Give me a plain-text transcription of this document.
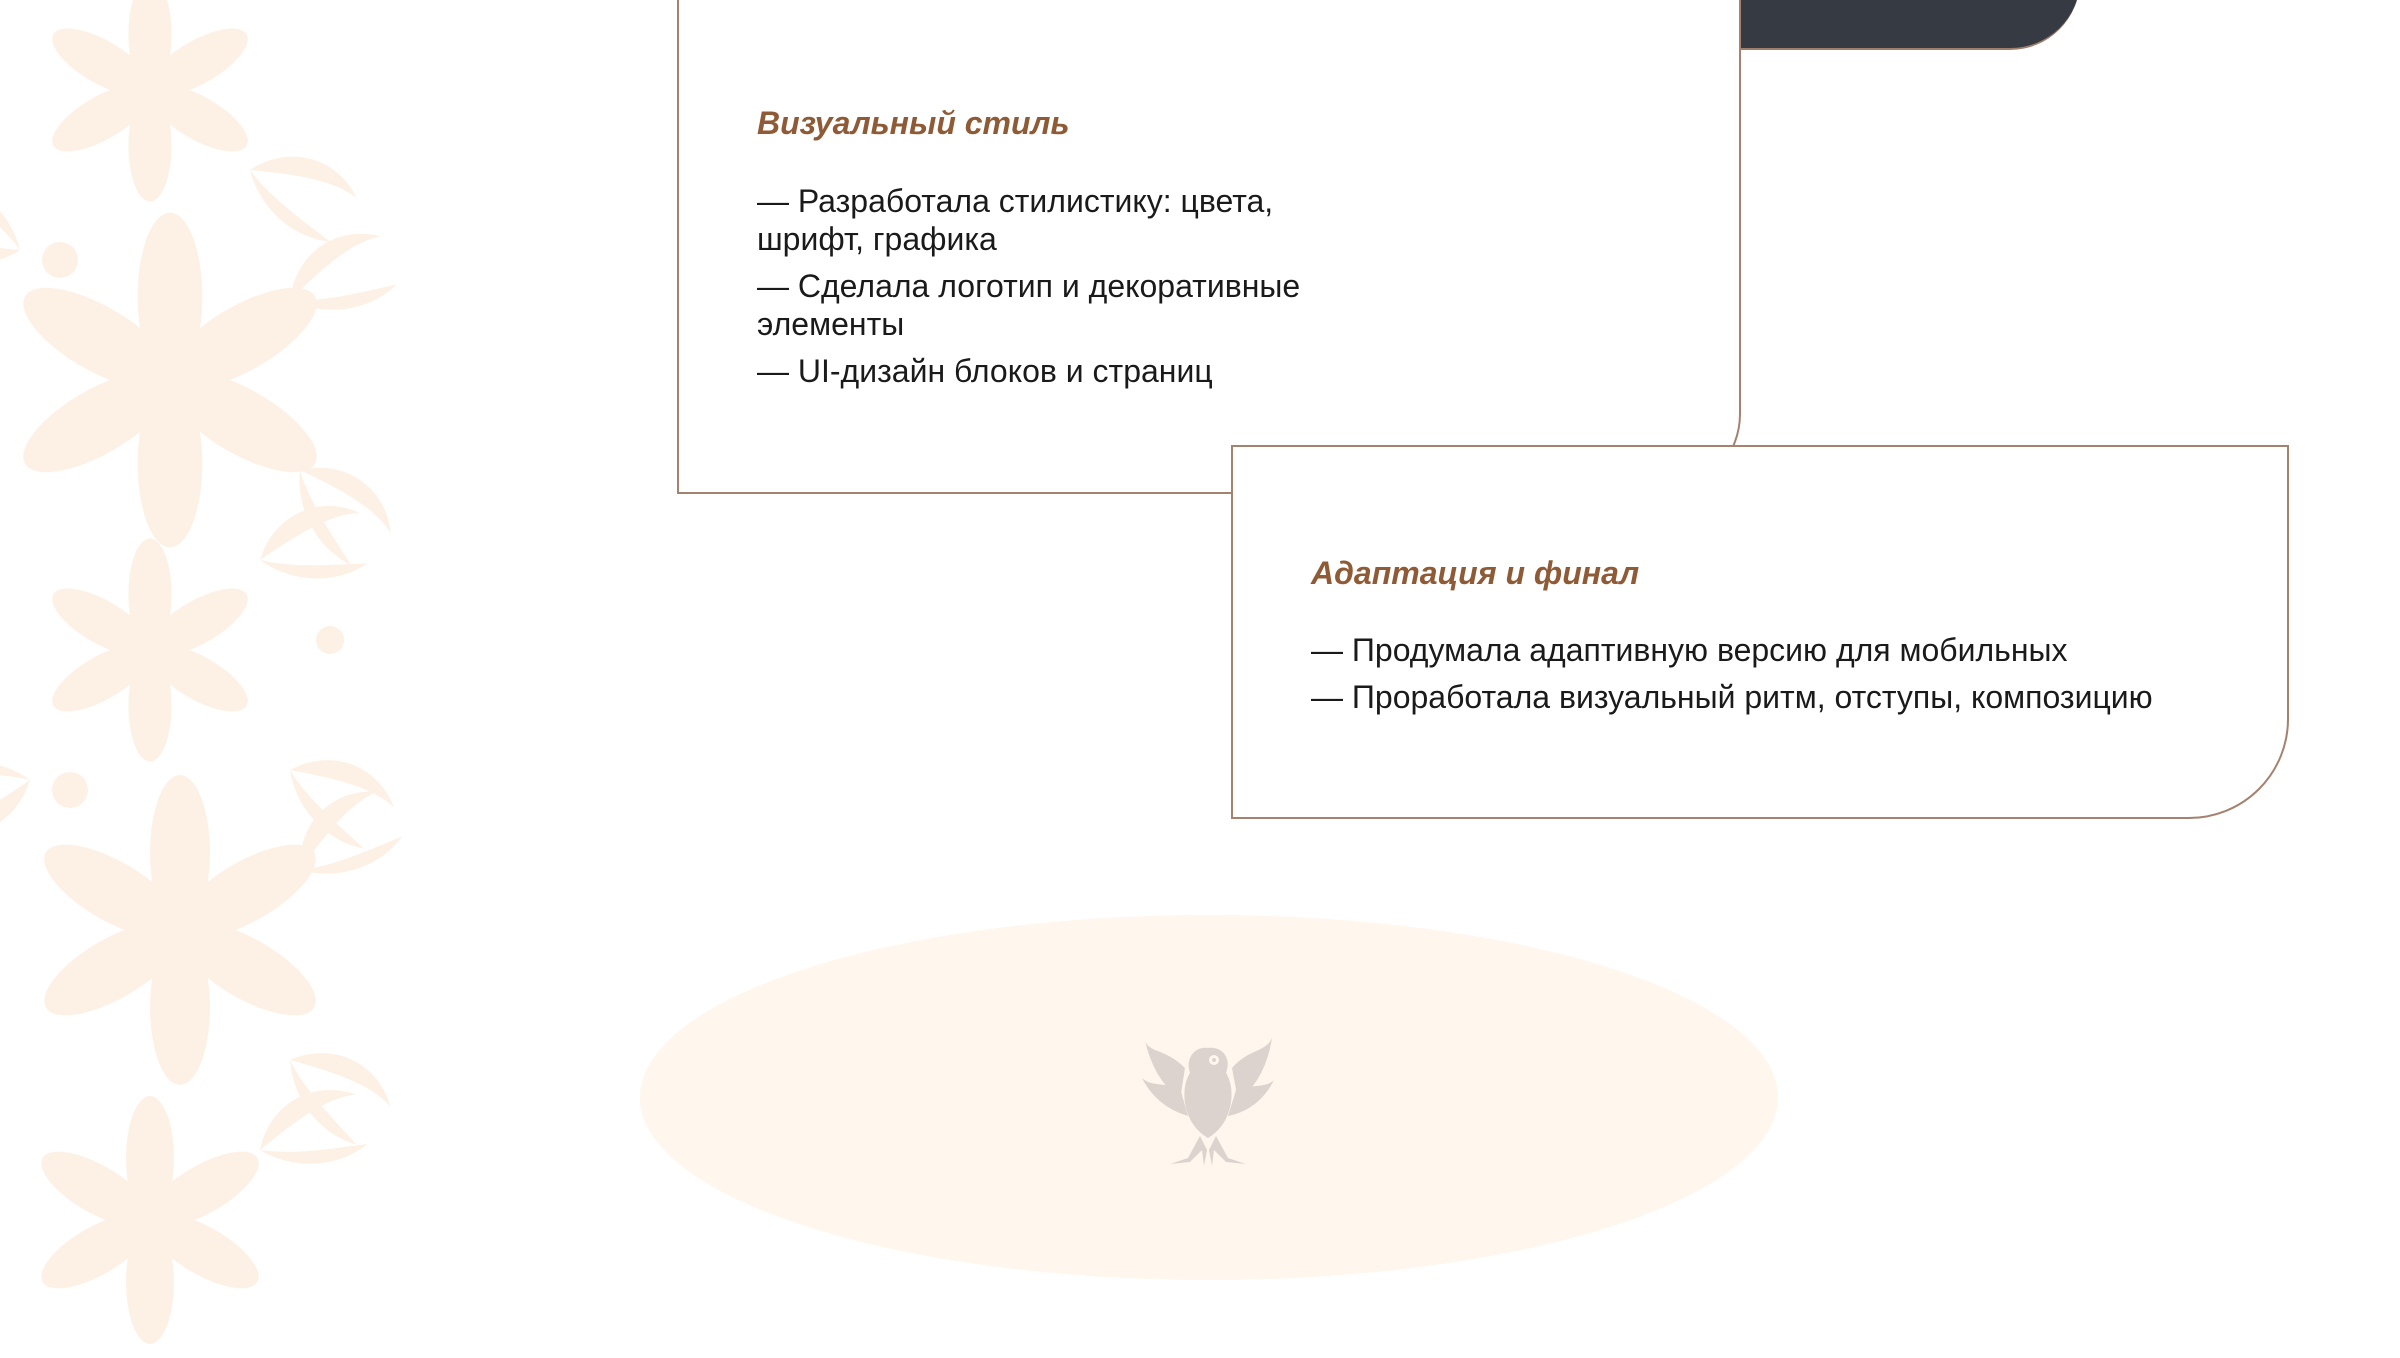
Визуальный стиль
— Разработала стилистику: цвета, шрифт, графика
— Сделала логотип и декоративные элементы
— UI-дизайн блоков и страниц
Адаптация и финал
— Продумала адаптивную версию для мобильных
— Проработала визуальный ритм, отступы, композицию
